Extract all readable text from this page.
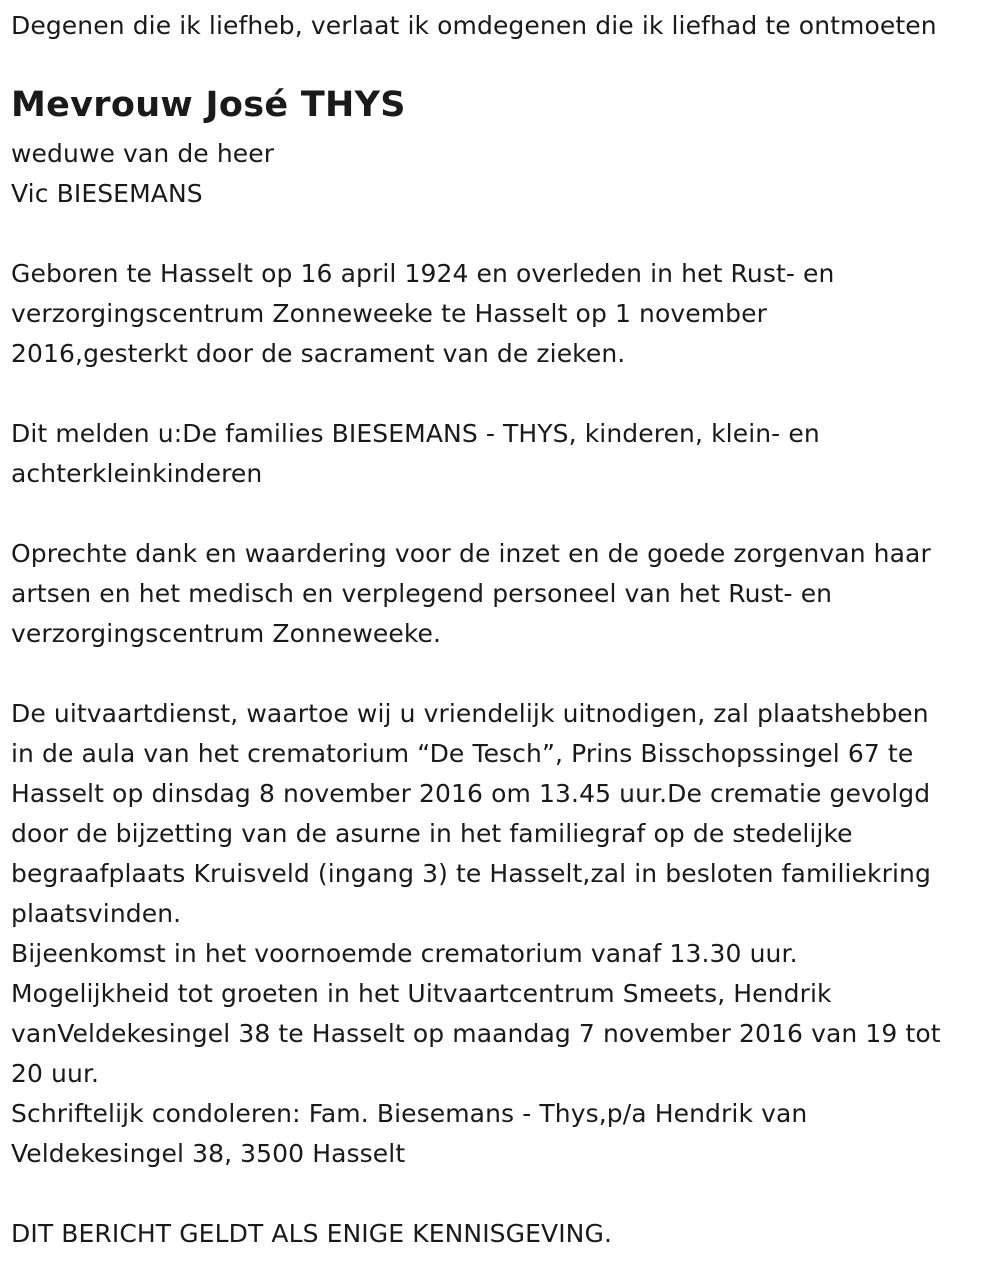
Degenen die ik liefheb, verlaat ik omdegenen die ik liefhad te ontmoeten
Mevrouw José THYS
weduwe van de heer
Vic BIESEMANS
Geboren te Hasselt op 16 april 1924 en overleden in het Rust- en
verzorgingscentrum Zonneweeke te Hasselt op 1 november
2016,gesterkt door de sacrament van de zieken.
Dit melden u:De families BIESEMANS - THYS, kinderen, klein- en
achterkleinkinderen
Oprechte dank en waardering voor de inzet en de goede zorgenvan haar
artsen en het medisch en verplegend personeel van het Rust- en
verzorgingscentrum Zonneweeke.
De uitvaartdienst, waartoe wij u vriendelijk uitnodigen, zal plaatshebben
in de aula van het crematorium “De Tesch”, Prins Bisschopssingel 67 te
Hasselt op dinsdag 8 november 2016 om 13.45 uur.De crematie gevolgd
door de bijzetting van de asurne in het familiegraf op de stedelijke
begraafplaats Kruisveld (ingang 3) te Hasselt,zal in besloten familiekring
plaatsvinden.
Bijeenkomst in het voornoemde crematorium vanaf 13.30 uur.
Mogelijkheid tot groeten in het Uitvaartcentrum Smeets, Hendrik
vanVeldekesingel 38 te Hasselt op maandag 7 november 2016 van 19 tot
20 uur.
Schriftelijk condoleren: Fam. Biesemans - Thys,p/a Hendrik van
Veldekesingel 38, 3500 Hasselt
DIT BERICHT GELDT ALS ENIGE KENNISGEVING.
